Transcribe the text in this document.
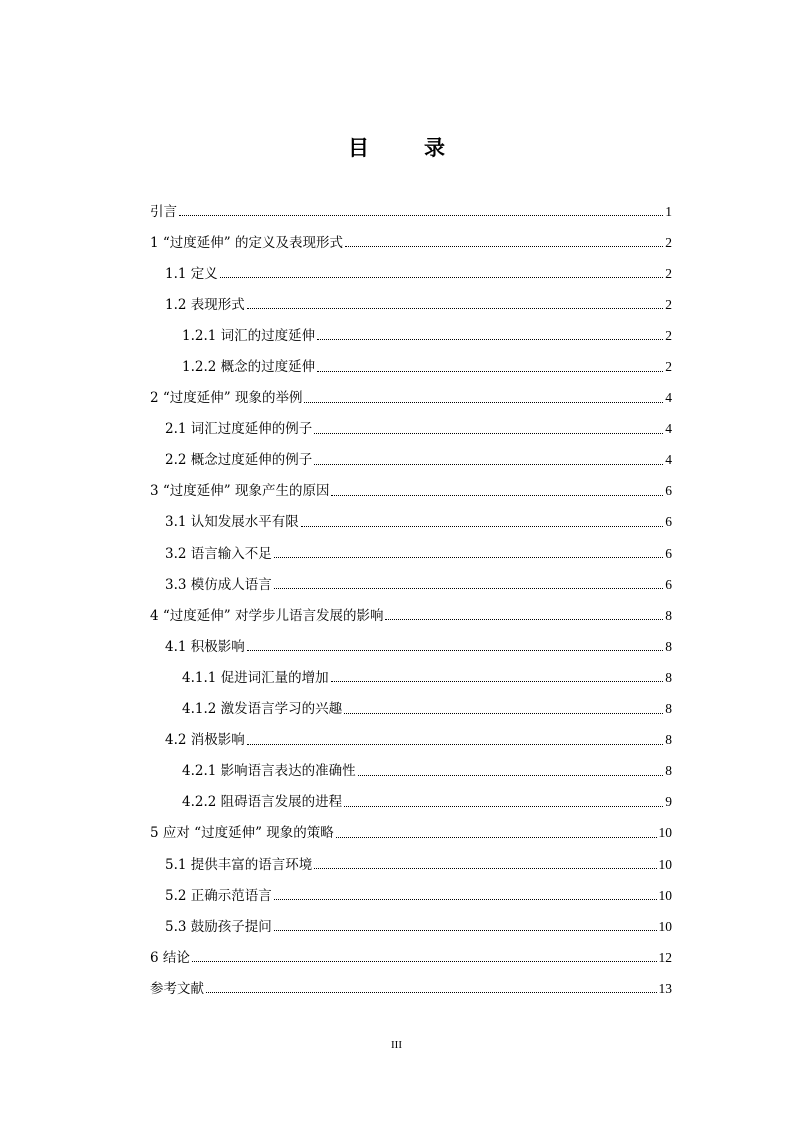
目　录
引言	1
1 “过度延伸” 的定义及表现形式	2
1.1 定义	2
1.2 表现形式	2
1.2.1 词汇的过度延伸	2
1.2.2 概念的过度延伸	2
2 “过度延伸” 现象的举例	4
2.1 词汇过度延伸的例子	4
2.2 概念过度延伸的例子	4
3 “过度延伸” 现象产生的原因	6
3.1 认知发展水平有限	6
3.2 语言输入不足	6
3.3 模仿成人语言	6
4 “过度延伸” 对学步儿语言发展的影响	8
4.1 积极影响	8
4.1.1 促进词汇量的增加	8
4.1.2 激发语言学习的兴趣	8
4.2 消极影响	8
4.2.1 影响语言表达的准确性	8
4.2.2 阻碍语言发展的进程	9
5 应对 “过度延伸” 现象的策略	10
5.1 提供丰富的语言环境	10
5.2 正确示范语言	10
5.3 鼓励孩子提问	10
6 结论	12
参考文献	13
III
